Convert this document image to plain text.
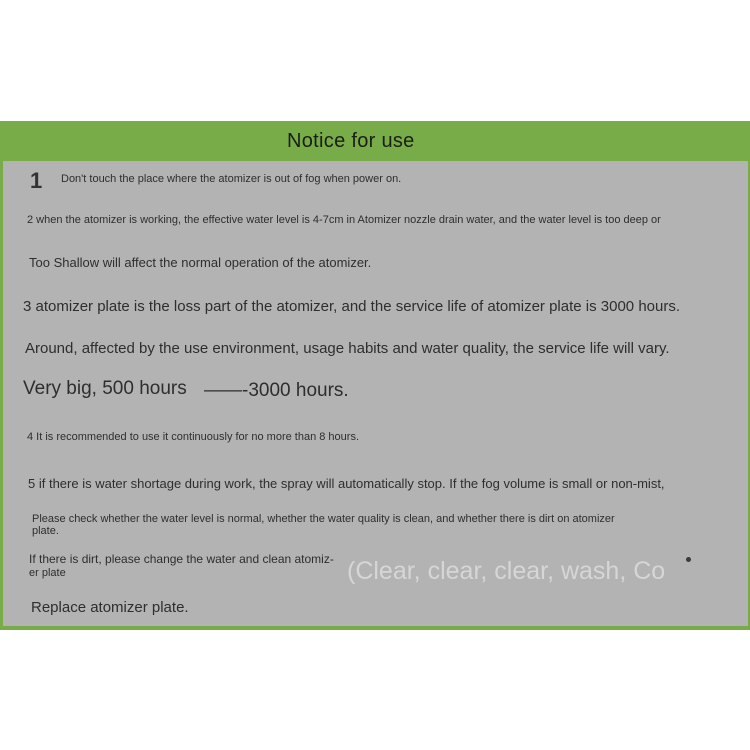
Notice for use
1 Don't touch the place where the atomizer is out of fog when power on.
2 when the atomizer is working, the effective water level is 4-7cm in Atomizer nozzle drain water, and the water level is too deep or
Too Shallow will affect the normal operation of the atomizer.
3 atomizer plate is the loss part of the atomizer, and the service life of atomizer plate is 3000 hours.
Around, affected by the use environment, usage habits and water quality, the service life will vary.
Very big, 500 hours ——-3000 hours.
4 It is recommended to use it continuously for no more than 8 hours.
5 if there is water shortage during work, the spray will automatically stop. If the fog volume is small or non-mist,
Please check whether the water level is normal, whether the water quality is clean, and whether there is dirt on atomizer
plate.
If there is dirt, please change the water and clean atomiz-
er plate	(Clear, clear, clear, wash, Co
Replace atomizer plate.
